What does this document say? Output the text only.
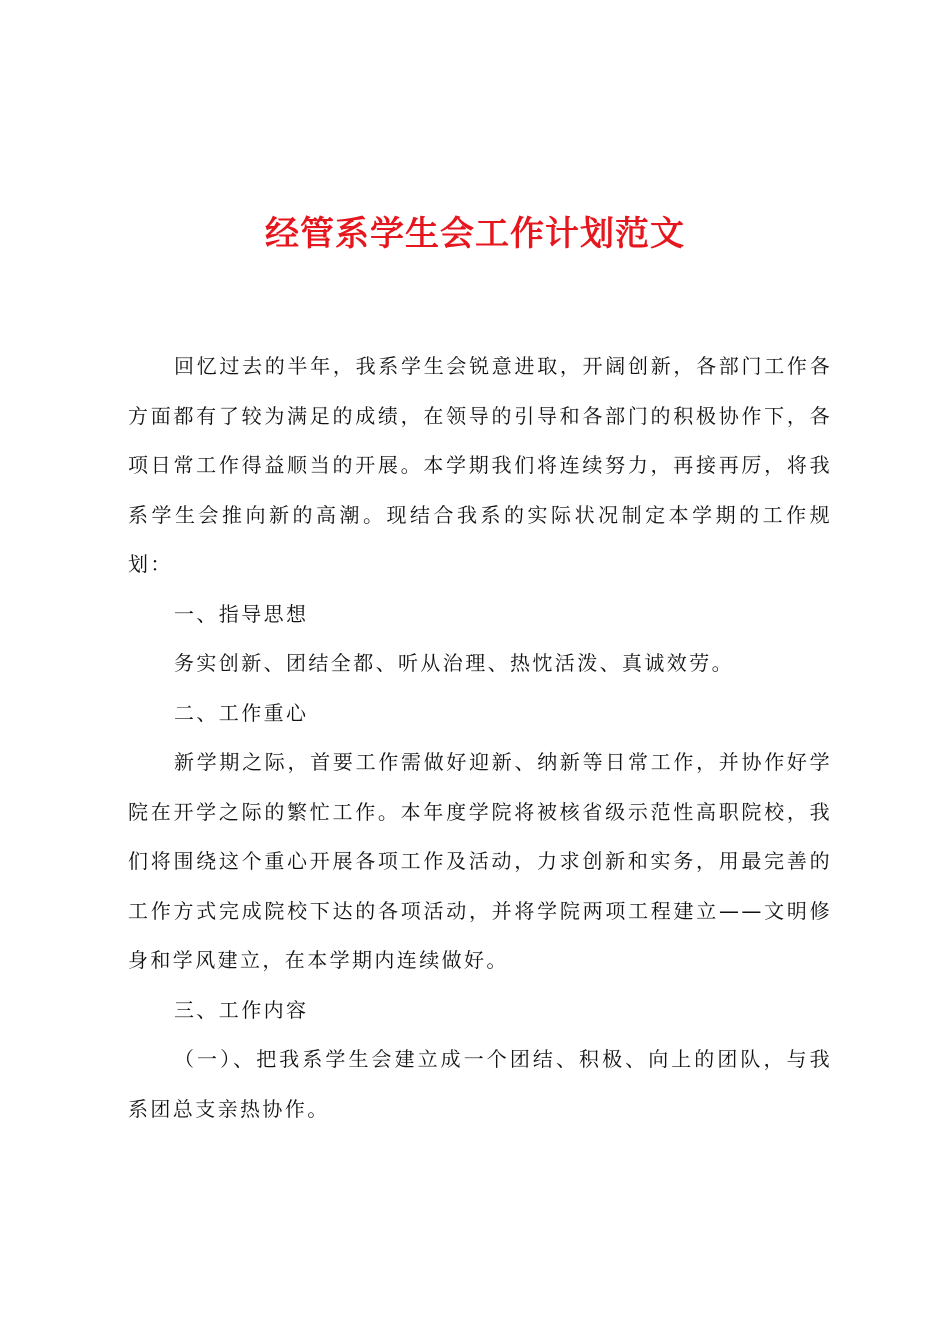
经管系学生会工作计划范文

回忆过去的半年，我系学生会锐意进取，开阔创新，各部门工作各方面都有了较为满足的成绩，在领导的引导和各部门的积极协作下，各项日常工作得益顺当的开展。本学期我们将连续努力，再接再厉，将我系学生会推向新的高潮。现结合我系的实际状况制定本学期的工作规划：

一、指导思想

务实创新、团结全都、听从治理、热忱活泼、真诚效劳。

二、工作重心

新学期之际，首要工作需做好迎新、纳新等日常工作，并协作好学院在开学之际的繁忙工作。本年度学院将被核省级示范性高职院校，我们将围绕这个重心开展各项工作及活动，力求创新和实务，用最完善的工作方式完成院校下达的各项活动，并将学院两项工程建立——文明修身和学风建立，在本学期内连续做好。

三、工作内容

（一）、把我系学生会建立成一个团结、积极、向上的团队，与我系团总支亲热协作。
